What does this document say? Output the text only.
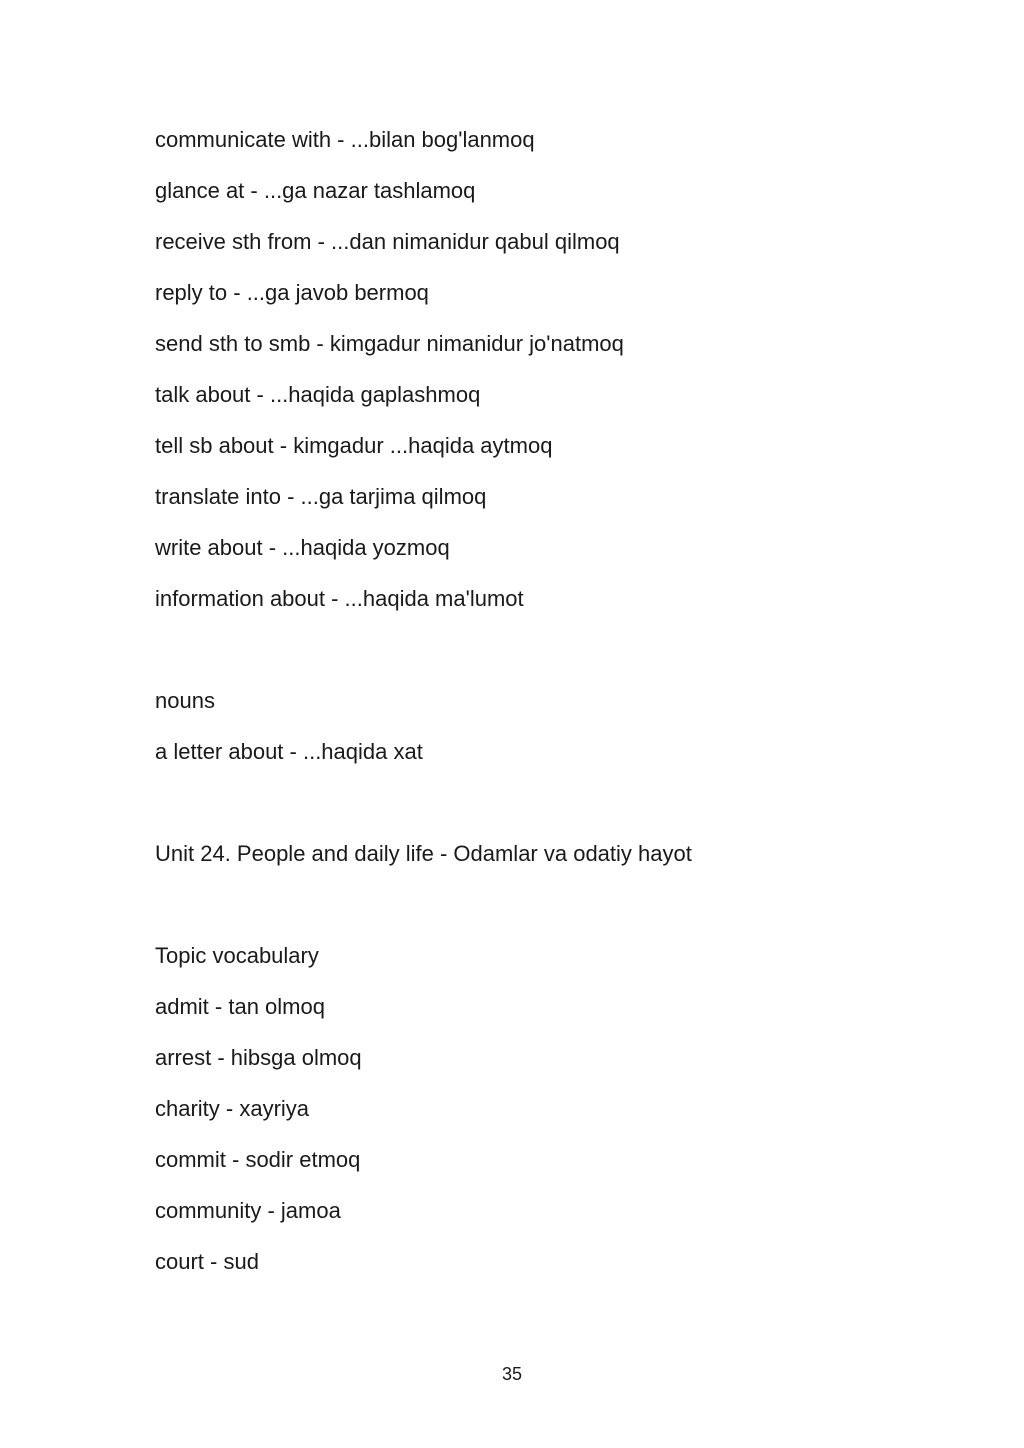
communicate with - ...bilan bog'lanmoq
glance at - ...ga nazar tashlamoq
receive sth from - ...dan nimanidur qabul qilmoq
reply to - ...ga javob bermoq
send sth to smb - kimgadur nimanidur jo'natmoq
talk about - ...haqida gaplashmoq
tell sb about - kimgadur ...haqida aytmoq
translate into - ...ga tarjima qilmoq
write about - ...haqida yozmoq
information about - ...haqida ma'lumot
nouns
a letter about - ...haqida xat
Unit 24. People and daily life - Odamlar va odatiy hayot
Topic vocabulary
admit - tan olmoq
arrest - hibsga olmoq
charity - xayriya
commit - sodir etmoq
community - jamoa
court - sud
35
